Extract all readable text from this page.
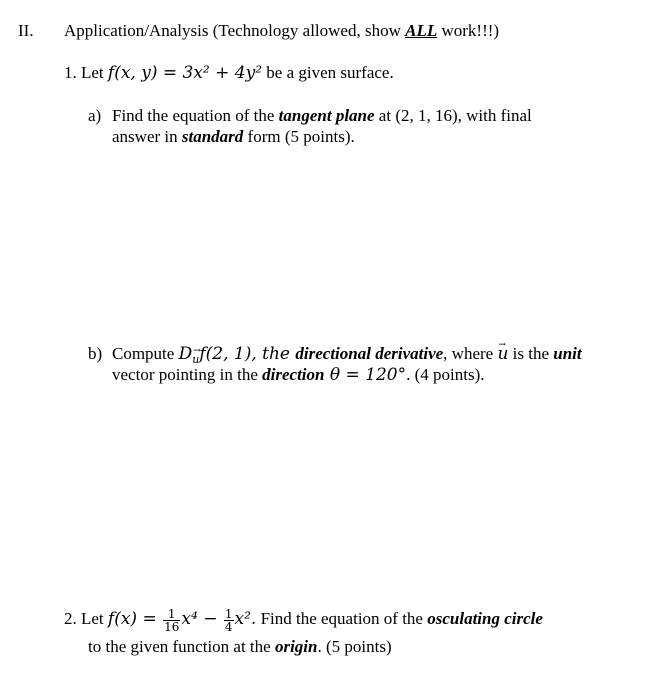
II. Application/Analysis (Technology allowed, show ALL work!!!)
1. Let f(x, y) = 3x² + 4y² be a given surface.
a) Find the equation of the tangent plane at (2, 1, 16), with final
answer in standard form (5 points).
b) Compute $D_u \to f(2$, 1), the directional derivative, where u → is the unit
vector pointing in the direction θ = 120°. (4 points).
2. Let $f(x) = \frac{1}{16} x^4 - \frac{1}{4} x^2$. Find the equation of the osculating circle
to the given function at the origin. (5 points)
